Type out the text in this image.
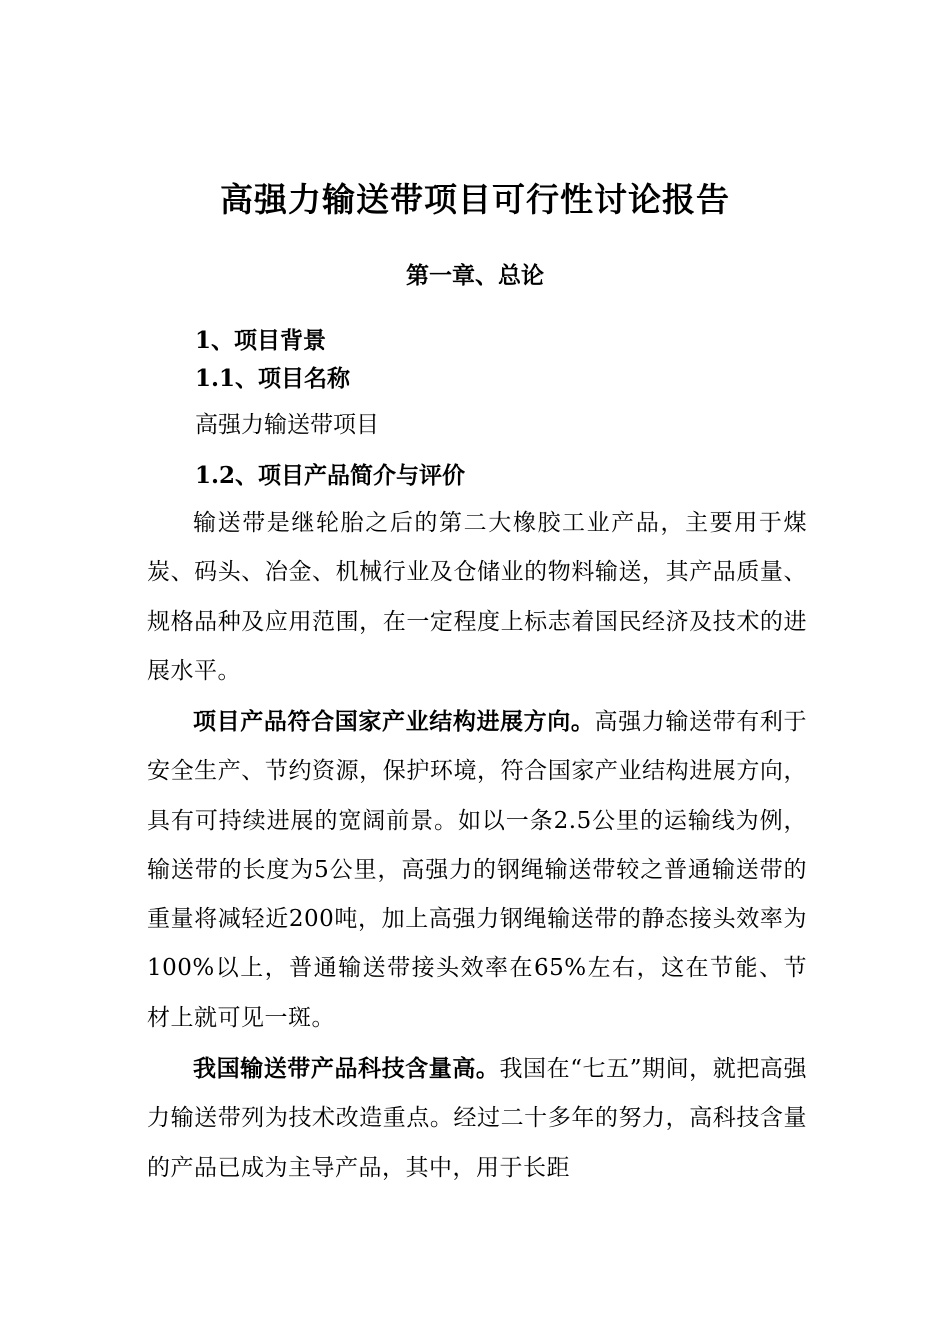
高强力输送带项目可行性讨论报告
第一章、总论
1、项目背景
1.1、项目名称

高强力输送带项目

1.2、项目产品简介与评价

输送带是继轮胎之后的第二大橡胶工业产品，主要用于煤炭、码头、冶金、机械行业及仓储业的物料输送，其产品质量、规格品种及应用范围，在一定程度上标志着国民经济及技术的进展水平。

项目产品符合国家产业结构进展方向。高强力输送带有利于安全生产、节约资源，保护环境，符合国家产业结构进展方向，具有可持续进展的宽阔前景。如以一条2.5公里的运输线为例，输送带的长度为5公里，高强力的钢绳输送带较之普通输送带的重量将减轻近200吨，加上高强力钢绳输送带的静态接头效率为100%以上，普通输送带接头效率在65%左右，这在节能、节材上就可见一斑。

我国输送带产品科技含量高。我国在“七五”期间，就把高强力输送带列为技术改造重点。经过二十多年的努力，高科技含量的产品已成为主导产品，其中，用于长距
